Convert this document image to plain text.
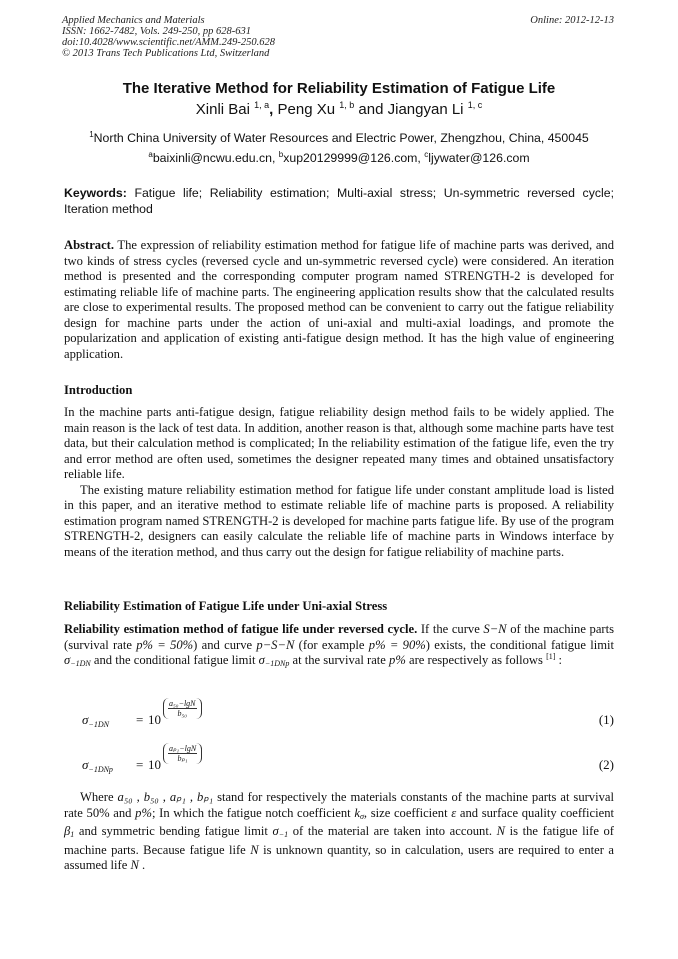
Applied Mechanics and Materials
ISSN: 1662-7482, Vols. 249-250, pp 628-631
doi:10.4028/www.scientific.net/AMM.249-250.628
© 2013 Trans Tech Publications Ltd, Switzerland
Online: 2012-12-13
The Iterative Method for Reliability Estimation of Fatigue Life
Xinli Bai $^{1, a}$, Peng Xu $^{1, b}$ and Jiangyan Li $^{1, c}$
$^1$North China University of Water Resources and Electric Power, Zhengzhou, China, 450045
$^a$baixinli@ncwu.edu.cn, $^b$xup20129999@126.com, $^c$ljywater@126.com
Keywords: Fatigue life; Reliability estimation; Multi-axial stress; Un-symmetric reversed cycle; Iteration method
Abstract. The expression of reliability estimation method for fatigue life of machine parts was derived, and two kinds of stress cycles (reversed cycle and un-symmetric reversed cycle) were considered. An iteration method is presented and the corresponding computer program named STRENGTH-2 is developed for estimating reliable life of machine parts. The engineering application results show that the calculated results are close to experimental results. The proposed method can be convenient to carry out the fatigue reliability design for machine parts under the action of uni-axial and multi-axial loadings, and promote the popularization and application of existing anti-fatigue design method. It has the high value of engineering application.
Introduction

In the machine parts anti-fatigue design, fatigue reliability design method fails to be widely applied. The main reason is the lack of test data. In addition, another reason is that, although some machine parts have test data, but their calculation method is complicated; In the reliability estimation of the fatigue life, even the try and error method are often used, sometimes the designer repeated many times and obtained unsatisfactory reliable life.

The existing mature reliability estimation method for fatigue life under constant amplitude load is listed in this paper, and an iterative method to estimate reliable life of machine parts is proposed. A reliability estimation program named STRENGTH-2 is developed for machine parts fatigue life. By use of the program STRENGTH-2, designers can easily calculate the reliable life of machine parts in Windows interface by means of the iteration method, and thus carry out the design for fatigue reliability of machine parts.

Reliability Estimation of Fatigue Life under Uni-axial Stress
Reliability estimation method of fatigue life under reversed cycle. If the curve S−N of the machine parts (survival rate p% = 50%) and curve p−S−N (for example p% = 90%) exists, the conditional fatigue limit σ−1DN and the conditional fatigue limit σ−1DNp at the survival rate p% are respectively as follows [1] :
$\sigma_{-1DN} = 10$
$\frac{\text{a₅₀−lgN}}{\text{b₅₀}}$
(1)
$\sigma_{-1DNp} = 10$
$\frac{\text{aₚ₁−lgN}}{\text{bₚ₁}}$
(2)

Where a₅₀ , b₅₀ , aₚ₁ , bₚ₁ stand for respectively the materials constants of the machine parts at survival rate 50% and p%; In which the fatigue notch coefficient kσ, size coefficient ε and surface quality coefficient β1 and symmetric bending fatigue limit σ−1 of the material are taken into account. N is the fatigue life of machine parts. Because fatigue life N is unknown quantity, so in calculation, users are required to enter a assumed life N .
